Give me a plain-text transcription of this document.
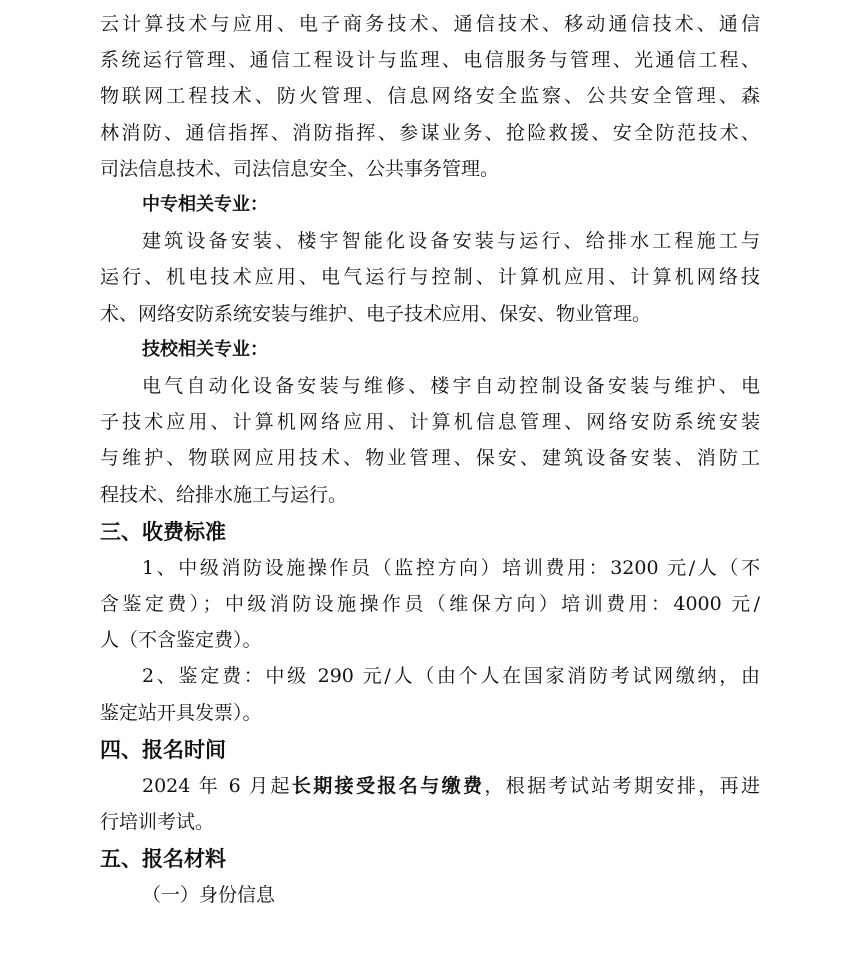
云计算技术与应用、电子商务技术、通信技术、移动通信技术、通信
系统运行管理、通信工程设计与监理、电信服务与管理、光通信工程、
物联网工程技术、防火管理、信息网络安全监察、公共安全管理、森
林消防、通信指挥、消防指挥、参谋业务、抢险救援、安全防范技术、
司法信息技术、司法信息安全、公共事务管理。
中专相关专业：
建筑设备安装、楼宇智能化设备安装与运行、给排水工程施工与
运行、机电技术应用、电气运行与控制、计算机应用、计算机网络技
术、网络安防系统安装与维护、电子技术应用、保安、物业管理。
技校相关专业：
电气自动化设备安装与维修、楼宇自动控制设备安装与维护、电
子技术应用、计算机网络应用、计算机信息管理、网络安防系统安装
与维护、物联网应用技术、物业管理、保安、建筑设备安装、消防工
程技术、给排水施工与运行。
三、收费标准
1、中级消防设施操作员（监控方向）培训费用：3200 元/人（不
含鉴定费）；中级消防设施操作员（维保方向）培训费用：4000 元/
人（不含鉴定费）。
2、鉴定费：中级 290 元/人（由个人在国家消防考试网缴纳，由
鉴定站开具发票）。
四、报名时间
2024 年 6 月起长期接受报名与缴费，根据考试站考期安排，再进
行培训考试。
五、报名材料
（一）身份信息
